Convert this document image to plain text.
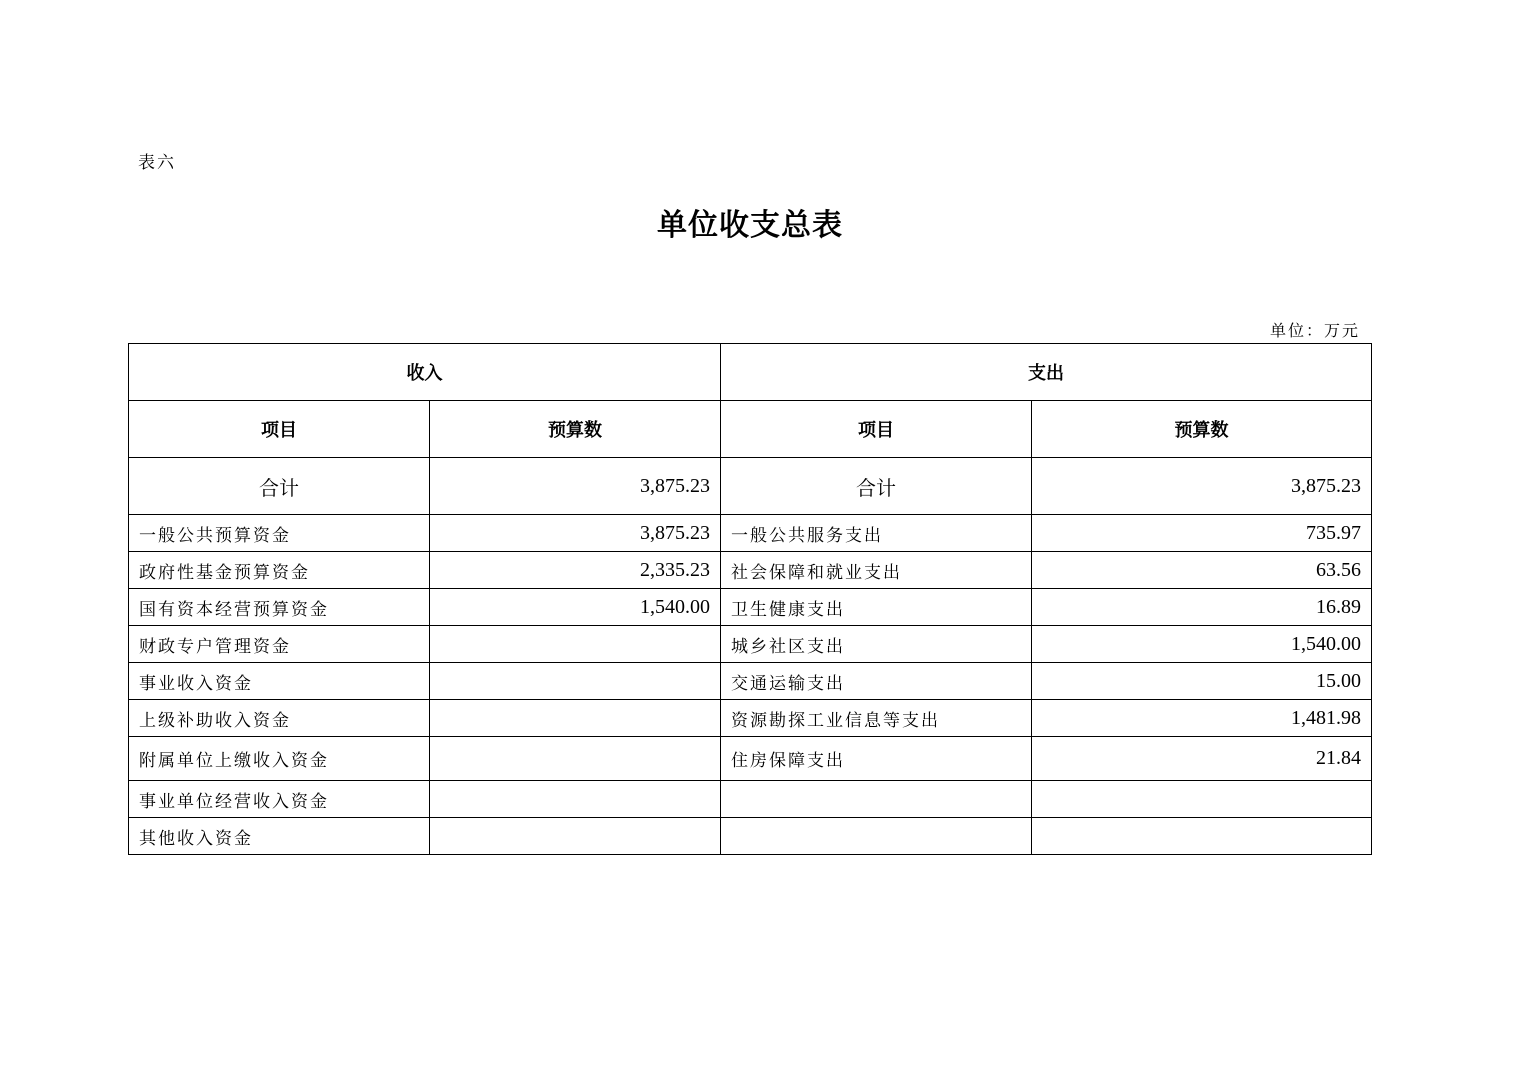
表六
单位收支总表
单位：万元
收入		支出	
项目	预算数	项目	预算数
合计	3,875.23	合计	3,875.23
一般公共预算资金	3,875.23	一般公共服务支出	735.97
政府性基金预算资金	2,335.23	社会保障和就业支出	63.56
国有资本经营预算资金	1,540.00	卫生健康支出	16.89
财政专户管理资金		城乡社区支出	1,540.00
事业收入资金		交通运输支出	15.00
上级补助收入资金		资源勘探工业信息等支出	1,481.98
附属单位上缴收入资金		住房保障支出	21.84
事业单位经营收入资金			
其他收入资金			
